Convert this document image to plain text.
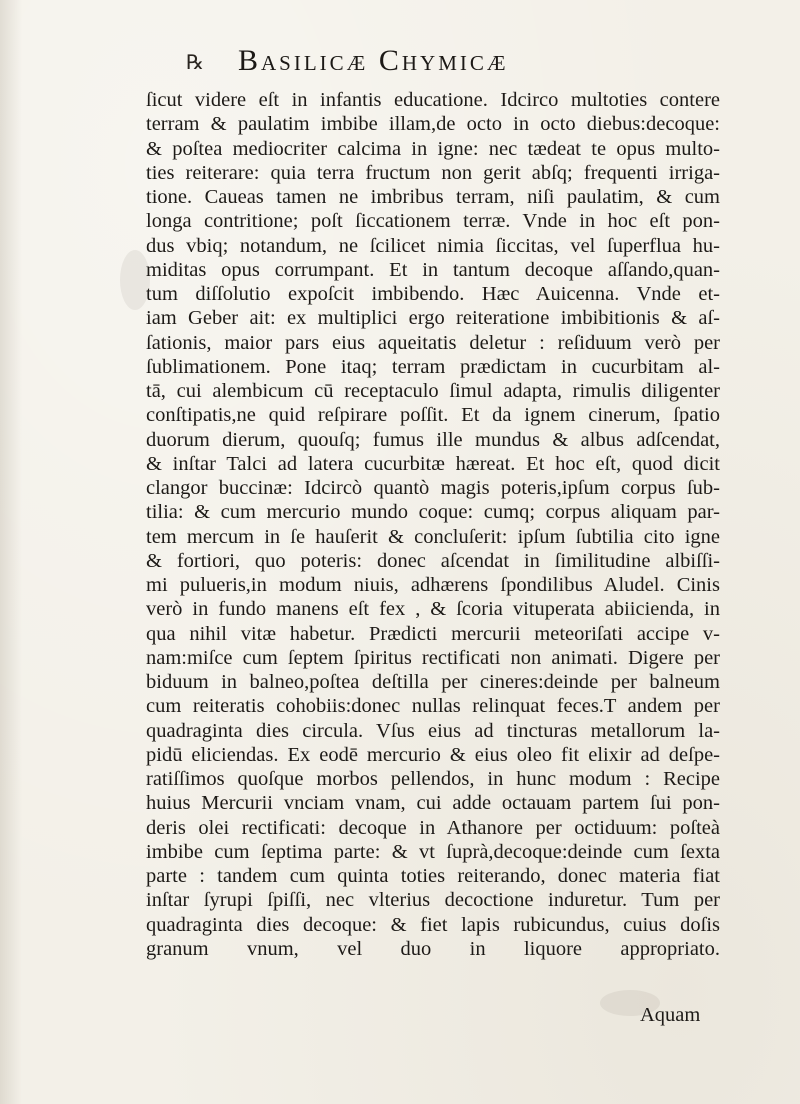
℞ Basilicæ Chymicæ
ſicut videre eſt in infantis educatione. Idcirco multoties contere
terram & paulatim imbibe illam,de octo in octo diebus:decoque:
& poſtea mediocriter calcima in igne: nec tædeat te opus multo-
ties reiterare: quia terra fructum non gerit abſq; frequenti irriga-
tione. Caueas tamen ne imbribus terram, niſi paulatim, & cum
longa contritione; poſt ſiccationem terræ. Vnde in hoc eſt pon-
dus vbiq; notandum, ne ſcilicet nimia ſiccitas, vel ſuperflua hu-
miditas opus corrumpant. Et in tantum decoque aſſando,quan-
tum diſſolutio expoſcit imbibendo. Hæc Auicenna. Vnde et-
iam Geber ait: ex multiplici ergo reiteratione imbibitionis & aſ-
ſationis, maior pars eius aqueitatis deletur : reſiduum verò per
ſublimationem. Pone itaq; terram prædictam in cucurbitam al-
tā, cui alembicum cū receptaculo ſimul adapta, rimulis diligenter
conſtipatis,ne quid reſpirare poſſit. Et da ignem cinerum, ſpatio
duorum dierum, quouſq; fumus ille mundus & albus adſcendat,
& inſtar Talci ad latera cucurbitæ hæreat. Et hoc eſt, quod dicit
clangor buccinæ: Idcircò quantò magis poteris,ipſum corpus ſub-
tilia: & cum mercurio mundo coque: cumq; corpus aliquam par-
tem mercum in ſe hauſerit & concluſerit: ipſum ſubtilia cito igne
& fortiori, quo poteris: donec aſcendat in ſimilitudine albiſſi-
mi pulueris,in modum niuis, adhærens ſpondilibus Aludel. Cinis
verò in fundo manens eſt fex , & ſcoria vituperata abiicienda, in
qua nihil vitæ habetur. Prædicti mercurii meteoriſati accipe v-
nam:miſce cum ſeptem ſpiritus rectificati non animati. Digere per
biduum in balneo,poſtea deſtilla per cineres:deinde per balneum
cum reiteratis cohobiis:donec nullas relinquat feces.T andem per
quadraginta dies circula. Vſus eius ad tincturas metallorum la-
pidū eliciendas. Ex eodē mercurio & eius oleo fit elixir ad deſpe-
ratiſſimos quoſque morbos pellendos, in hunc modum : Recipe
huius Mercurii vnciam vnam, cui adde octauam partem ſui pon-
deris olei rectificati: decoque in Athanore per octiduum: poſteà
imbibe cum ſeptima parte: & vt ſuprà,decoque:deinde cum ſexta
parte : tandem cum quinta toties reiterando, donec materia fiat
inſtar ſyrupi ſpiſſi, nec vlterius decoctione induretur. Tum per
quadraginta dies decoque: & fiet lapis rubicundus, cuius doſis
granum vnum, vel duo in liquore appropriato.
Aquam
